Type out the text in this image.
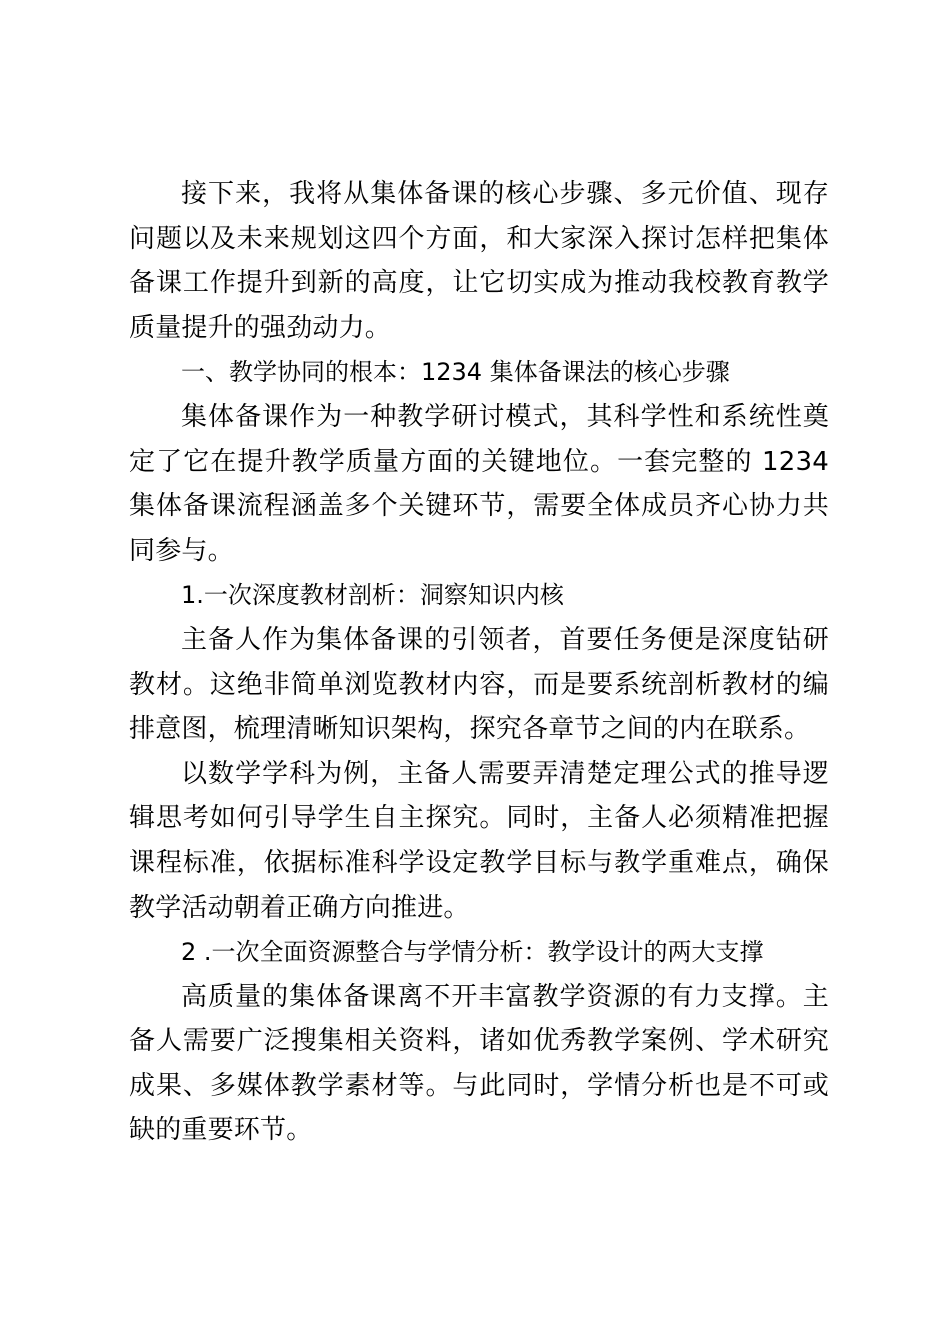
接下来，我将从集体备课的核心步骤、多元价值、现存问题以及未来规划这四个方面，和大家深入探讨怎样把集体备课工作提升到新的高度，让它切实成为推动我校教育教学质量提升的强劲动力。

一、教学协同的根本：1234 集体备课法的核心步骤

集体备课作为一种教学研讨模式，其科学性和系统性奠定了它在提升教学质量方面的关键地位。一套完整的 1234 集体备课流程涵盖多个关键环节，需要全体成员齐心协力共同参与。

1.一次深度教材剖析：洞察知识内核

主备人作为集体备课的引领者，首要任务便是深度钻研教材。这绝非简单浏览教材内容，而是要系统剖析教材的编排意图，梳理清晰知识架构，探究各章节之间的内在联系。

以数学学科为例，主备人需要弄清楚定理公式的推导逻辑思考如何引导学生自主探究。同时，主备人必须精准把握课程标准，依据标准科学设定教学目标与教学重难点，确保教学活动朝着正确方向推进。

2 .一次全面资源整合与学情分析：教学设计的两大支撑

高质量的集体备课离不开丰富教学资源的有力支撑。主备人需要广泛搜集相关资料，诸如优秀教学案例、学术研究成果、多媒体教学素材等。与此同时，学情分析也是不可或缺的重要环节。
